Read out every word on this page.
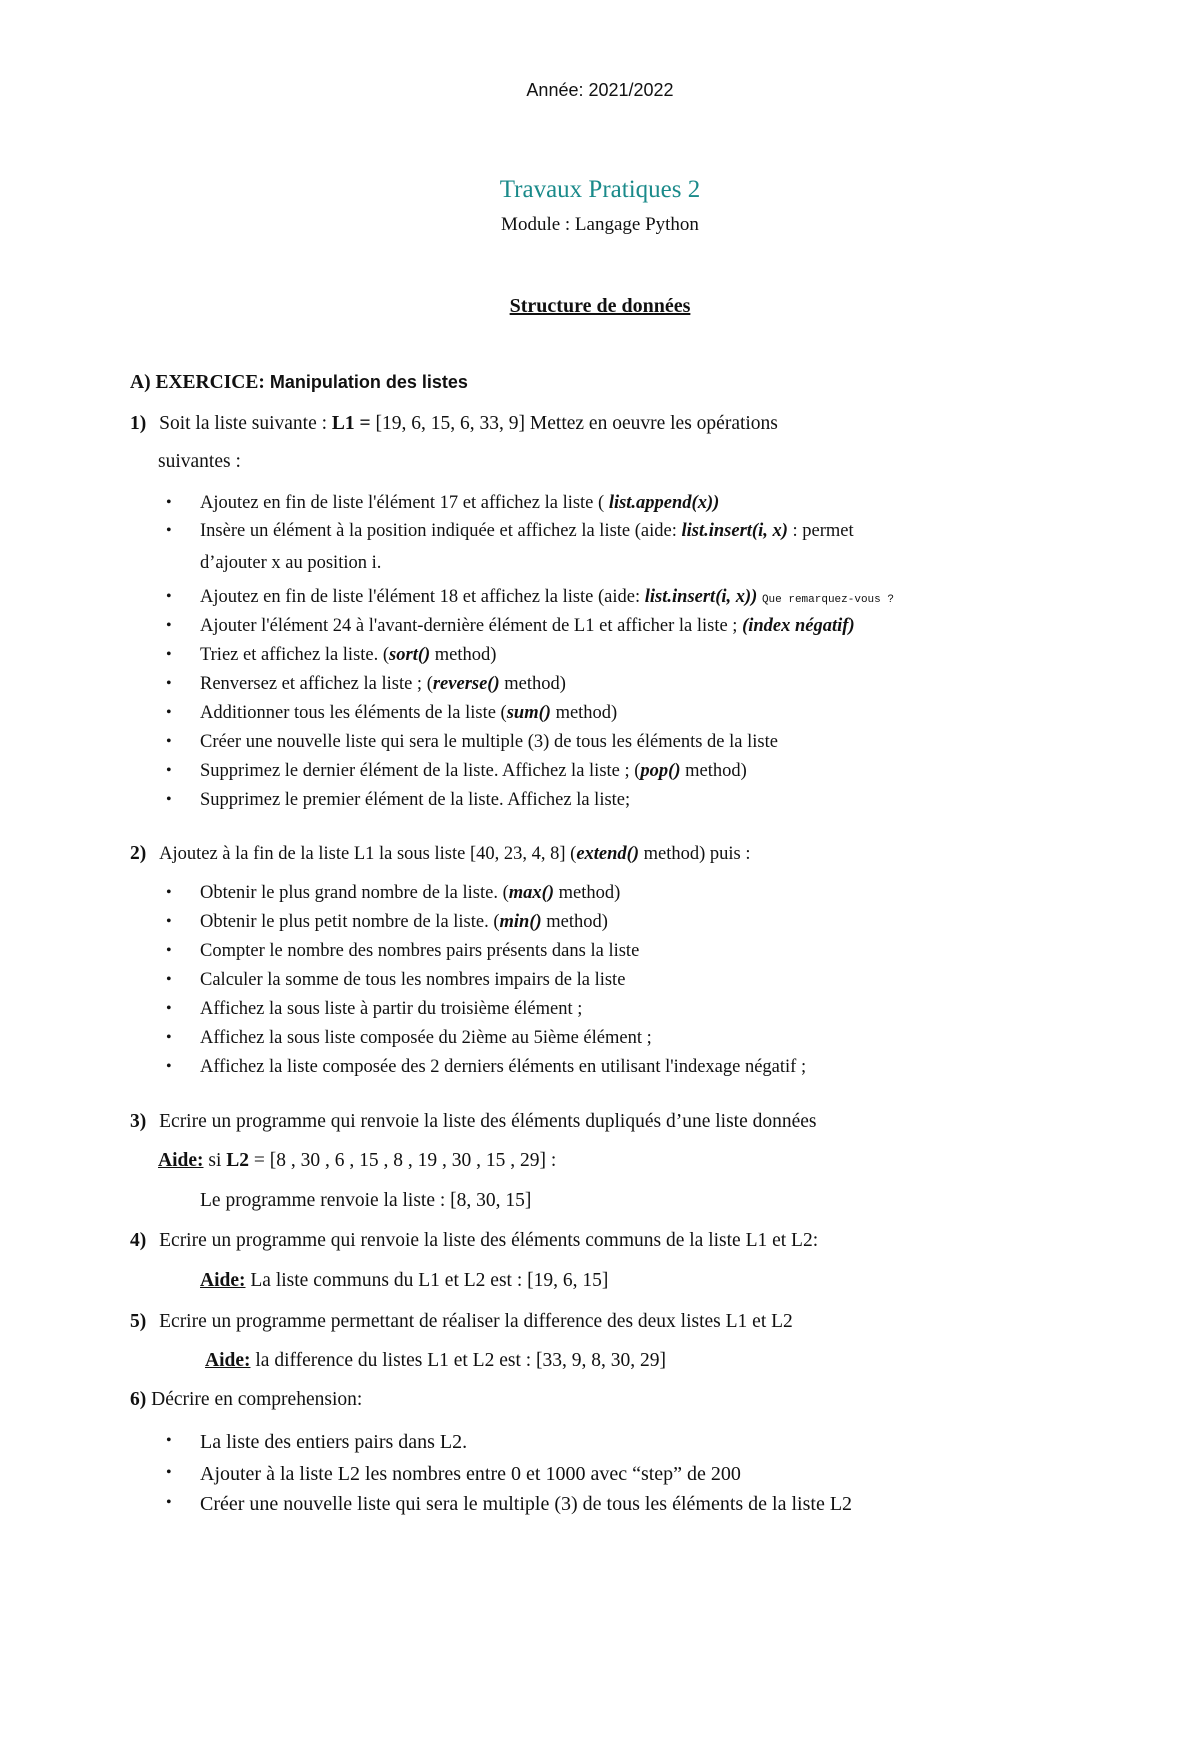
Année: 2021/2022
Travaux Pratiques 2
Module : Langage Python
Structure de données
A) EXERCICE: Manipulation des listes
1) Soit la liste suivante : L1 = [19, 6, 15, 6, 33, 9] Mettez en oeuvre les opérations
suivantes :
• Ajoutez en fin de liste l'élément 17 et affichez la liste ( list.append(x))
• Insère un élément à la position indiquée et affichez la liste (aide: list.insert(i, x) : permet
d’ajouter x au position i.
• Ajoutez en fin de liste l'élément 18 et affichez la liste (aide: list.insert(i, x)) Que remarquez-vous ?
• Ajouter l'élément 24 à l'avant-dernière élément de L1 et afficher la liste ; (index négatif)
• Triez et affichez la liste. (sort() method)
• Renversez et affichez la liste ; (reverse() method)
• Additionner tous les éléments de la liste (sum() method)
• Créer une nouvelle liste qui sera le multiple (3) de tous les éléments de la liste
• Supprimez le dernier élément de la liste. Affichez la liste ; (pop() method)
• Supprimez le premier élément de la liste. Affichez la liste;
2) Ajoutez à la fin de la liste L1 la sous liste [40, 23, 4, 8] (extend() method) puis :
• Obtenir le plus grand nombre de la liste. (max() method)
• Obtenir le plus petit nombre de la liste. (min() method)
• Compter le nombre des nombres pairs présents dans la liste
• Calculer la somme de tous les nombres impairs de la liste
• Affichez la sous liste à partir du troisième élément ;
• Affichez la sous liste composée du 2ième au 5ième élément ;
• Affichez la liste composée des 2 derniers éléments en utilisant l'indexage négatif ;
3) Ecrire un programme qui renvoie la liste des éléments dupliqués d’une liste données
Aide: si L2 = [8 , 30 , 6 , 15 , 8 , 19 , 30 , 15 , 29] :
Le programme renvoie la liste : [8, 30, 15]
4) Ecrire un programme qui renvoie la liste des éléments communs de la liste L1 et L2:
Aide: La liste communs du L1 et L2 est : [19, 6, 15]
5) Ecrire un programme permettant de réaliser la difference des deux listes L1 et L2
Aide: la difference du listes L1 et L2 est : [33, 9, 8, 30, 29]
6) Décrire en comprehension:
• La liste des entiers pairs dans L2.
• Ajouter à la liste L2 les nombres entre 0 et 1000 avec “step” de 200
• Créer une nouvelle liste qui sera le multiple (3) de tous les éléments de la liste L2
